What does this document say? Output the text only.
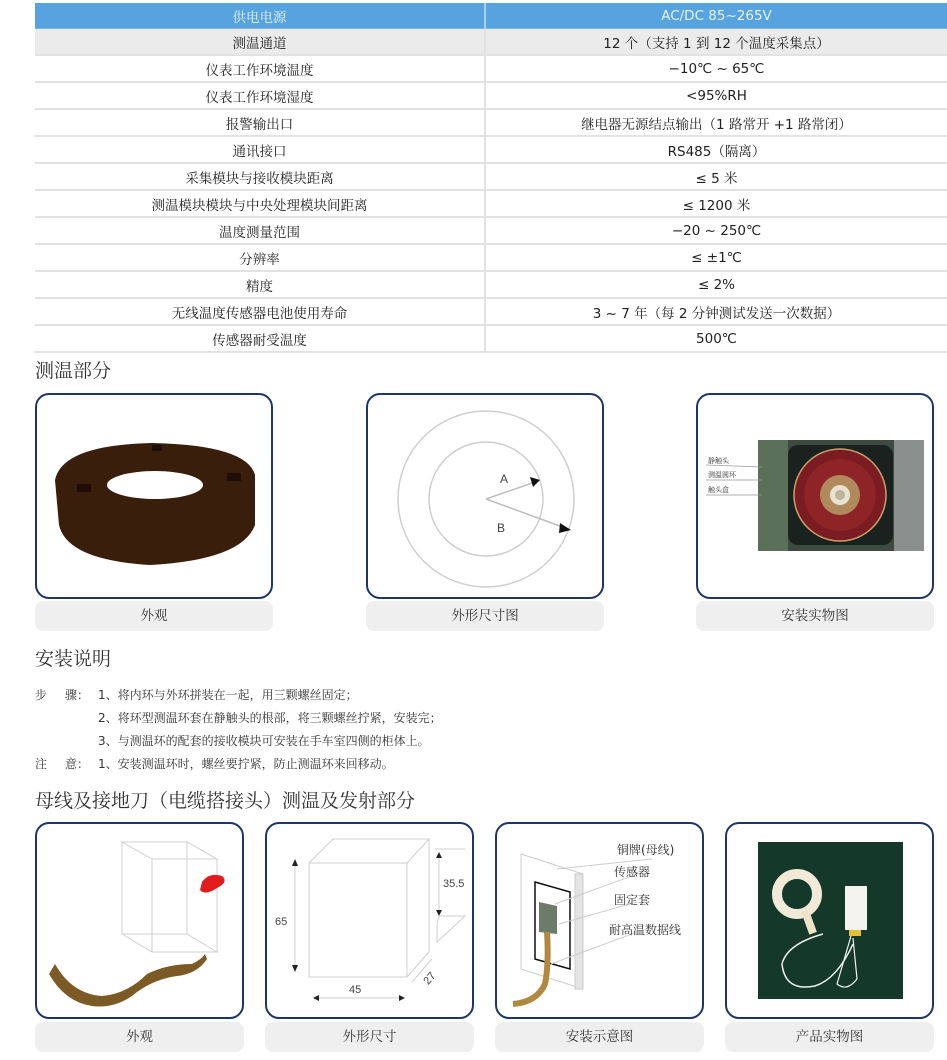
供电电源	AC/DC 85~265V
测温通道	12 个（支持 1 到 12 个温度采集点）
仪表工作环境温度	−10℃ ~ 65℃
仪表工作环境湿度	<95%RH
报警输出口	继电器无源结点输出（1 路常开 +1 路常闭）
通讯接口	RS485（隔离）
采集模块与接收模块距离	≤ 5 米
测温模块模块与中央处理模块间距离	≤ 1200 米
温度测量范围	−20 ~ 250℃
分辨率	≤ ±1℃
精度	≤ 2%
无线温度传感器电池使用寿命	3 ~ 7 年（每 2 分钟测试发送一次数据）
传感器耐受温度	500℃
测温部分
外观
A
B
外形尺寸图
静触头
测温圆环
触头盒
安装实物图
安装说明
步	骤： 1、将内环与外环拼装在一起，用三颗螺丝固定；
2、将环型测温环套在静触头的根部，将三颗螺丝拧紧，安装完；
3、与测温环的配套的接收模块可安装在手车室四侧的柜体上。
注	意： 1、安装测温环时，螺丝要拧紧，防止测温环来回移动。
母线及接地刀（电缆搭接头）测温及发射部分
外观
65
45
27
35.5
外形尺寸
铜牌(母线)
传感器
固定套
耐高温数据线
安装示意图	产品实物图
